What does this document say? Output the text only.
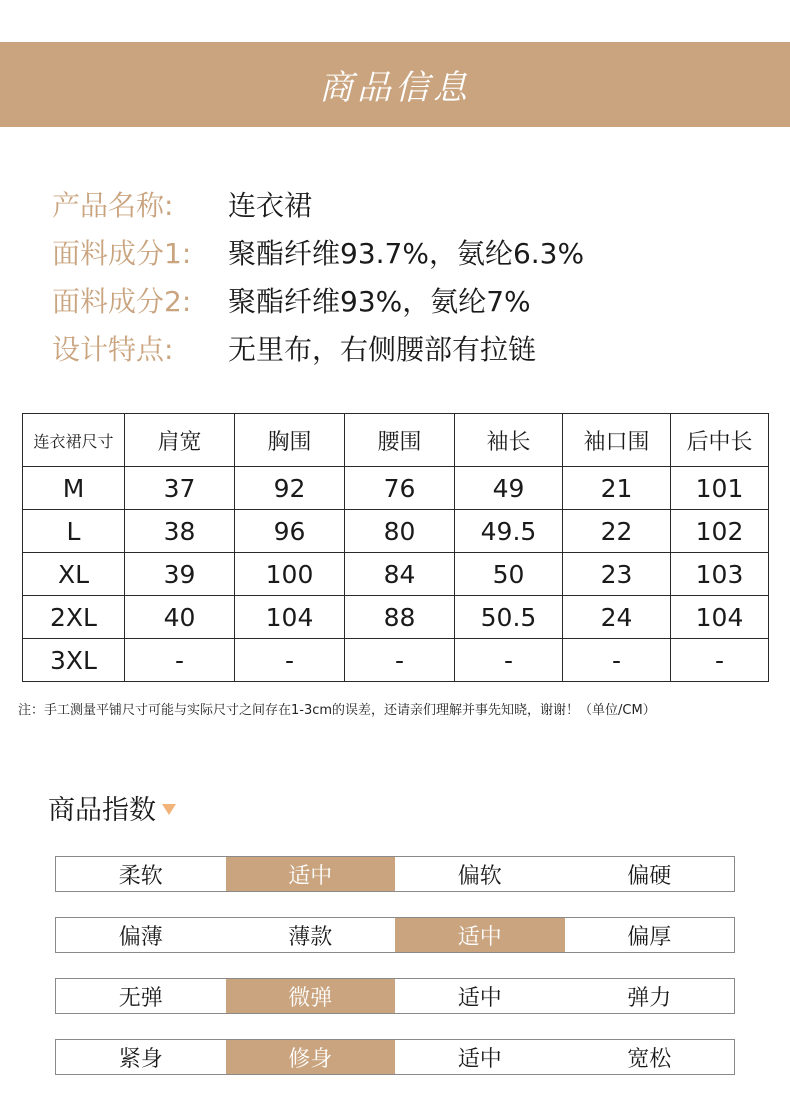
商品信息
产品名称:	连衣裙
面料成分1:	聚酯纤维93.7%，氨纶6.3%
面料成分2:	聚酯纤维93%，氨纶7%
设计特点:	无里布，右侧腰部有拉链
连衣裙尺寸	肩宽	胸围	腰围	袖长	袖口围	后中长
M	37	92	76	49	21	101
L	38	96	80	49.5	22	102
XL	39	100	84	50	23	103
2XL	40	104	88	50.5	24	104
3XL	-	-	-	-	-	-
注：手工测量平铺尺寸可能与实际尺寸之间存在1-3cm的误差，还请亲们理解并事先知晓，谢谢！（单位/CM）
商品指数
柔软	适中	偏软	偏硬
偏薄	薄款	适中	偏厚
无弹	微弹	适中	弹力
紧身	修身	适中	宽松
